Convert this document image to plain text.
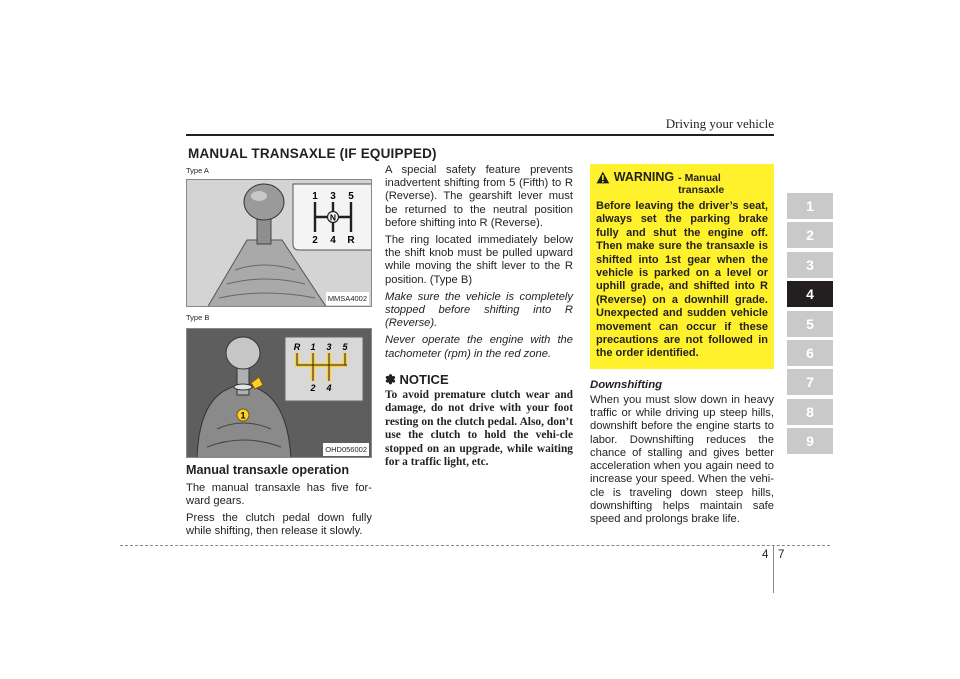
Driving your vehicle
MANUAL TRANSAXLE (IF EQUIPPED)
1
2
3
4
5
6
7
8
9
Type A
N
1 3 5
2 4 R
MMSA4002
Type B
R 1 3 5
2 4
1
OHD056002
Manual transaxle operation

The manual transaxle has five for-ward gears.

Press the clutch pedal down fully while shifting, then release it slowly.

A special safety feature prevents inadvertent shifting from 5 (Fifth) to R (Reverse). The gearshift lever must be returned to the neutral position before shifting into R (Reverse).

The ring located immediately below the shift knob must be pulled upward while moving the shift lever to the R position. (Type B)

Make sure the vehicle is completely stopped before shifting into R (Reverse).

Never operate the engine with the tachometer (rpm) in the red zone.

✽ NOTICE
To avoid premature clutch wear and damage, do not drive with your foot resting on the clutch pedal. Also, don’t use the clutch to hold the vehi-cle stopped on an upgrade, while waiting for a traffic light, etc.
WARNING - Manual transaxle
Before leaving the driver’s seat, always set the parking brake fully and shut the engine off. Then make sure the transaxle is shifted into 1st gear when the vehicle is parked on a level or uphill grade, and shifted into R (Reverse) on a downhill grade. Unexpected and sudden vehicle movement can occur if these precautions are not followed in the order identified.
Downshifting

When you must slow down in heavy traffic or while driving up steep hills, downshift before the engine starts to labor. Downshifting reduces the chance of stalling and gives better acceleration when you again need to increase your speed. When the vehi-cle is traveling down steep hills, downshifting helps maintain safe speed and prolongs brake life.

4 7
